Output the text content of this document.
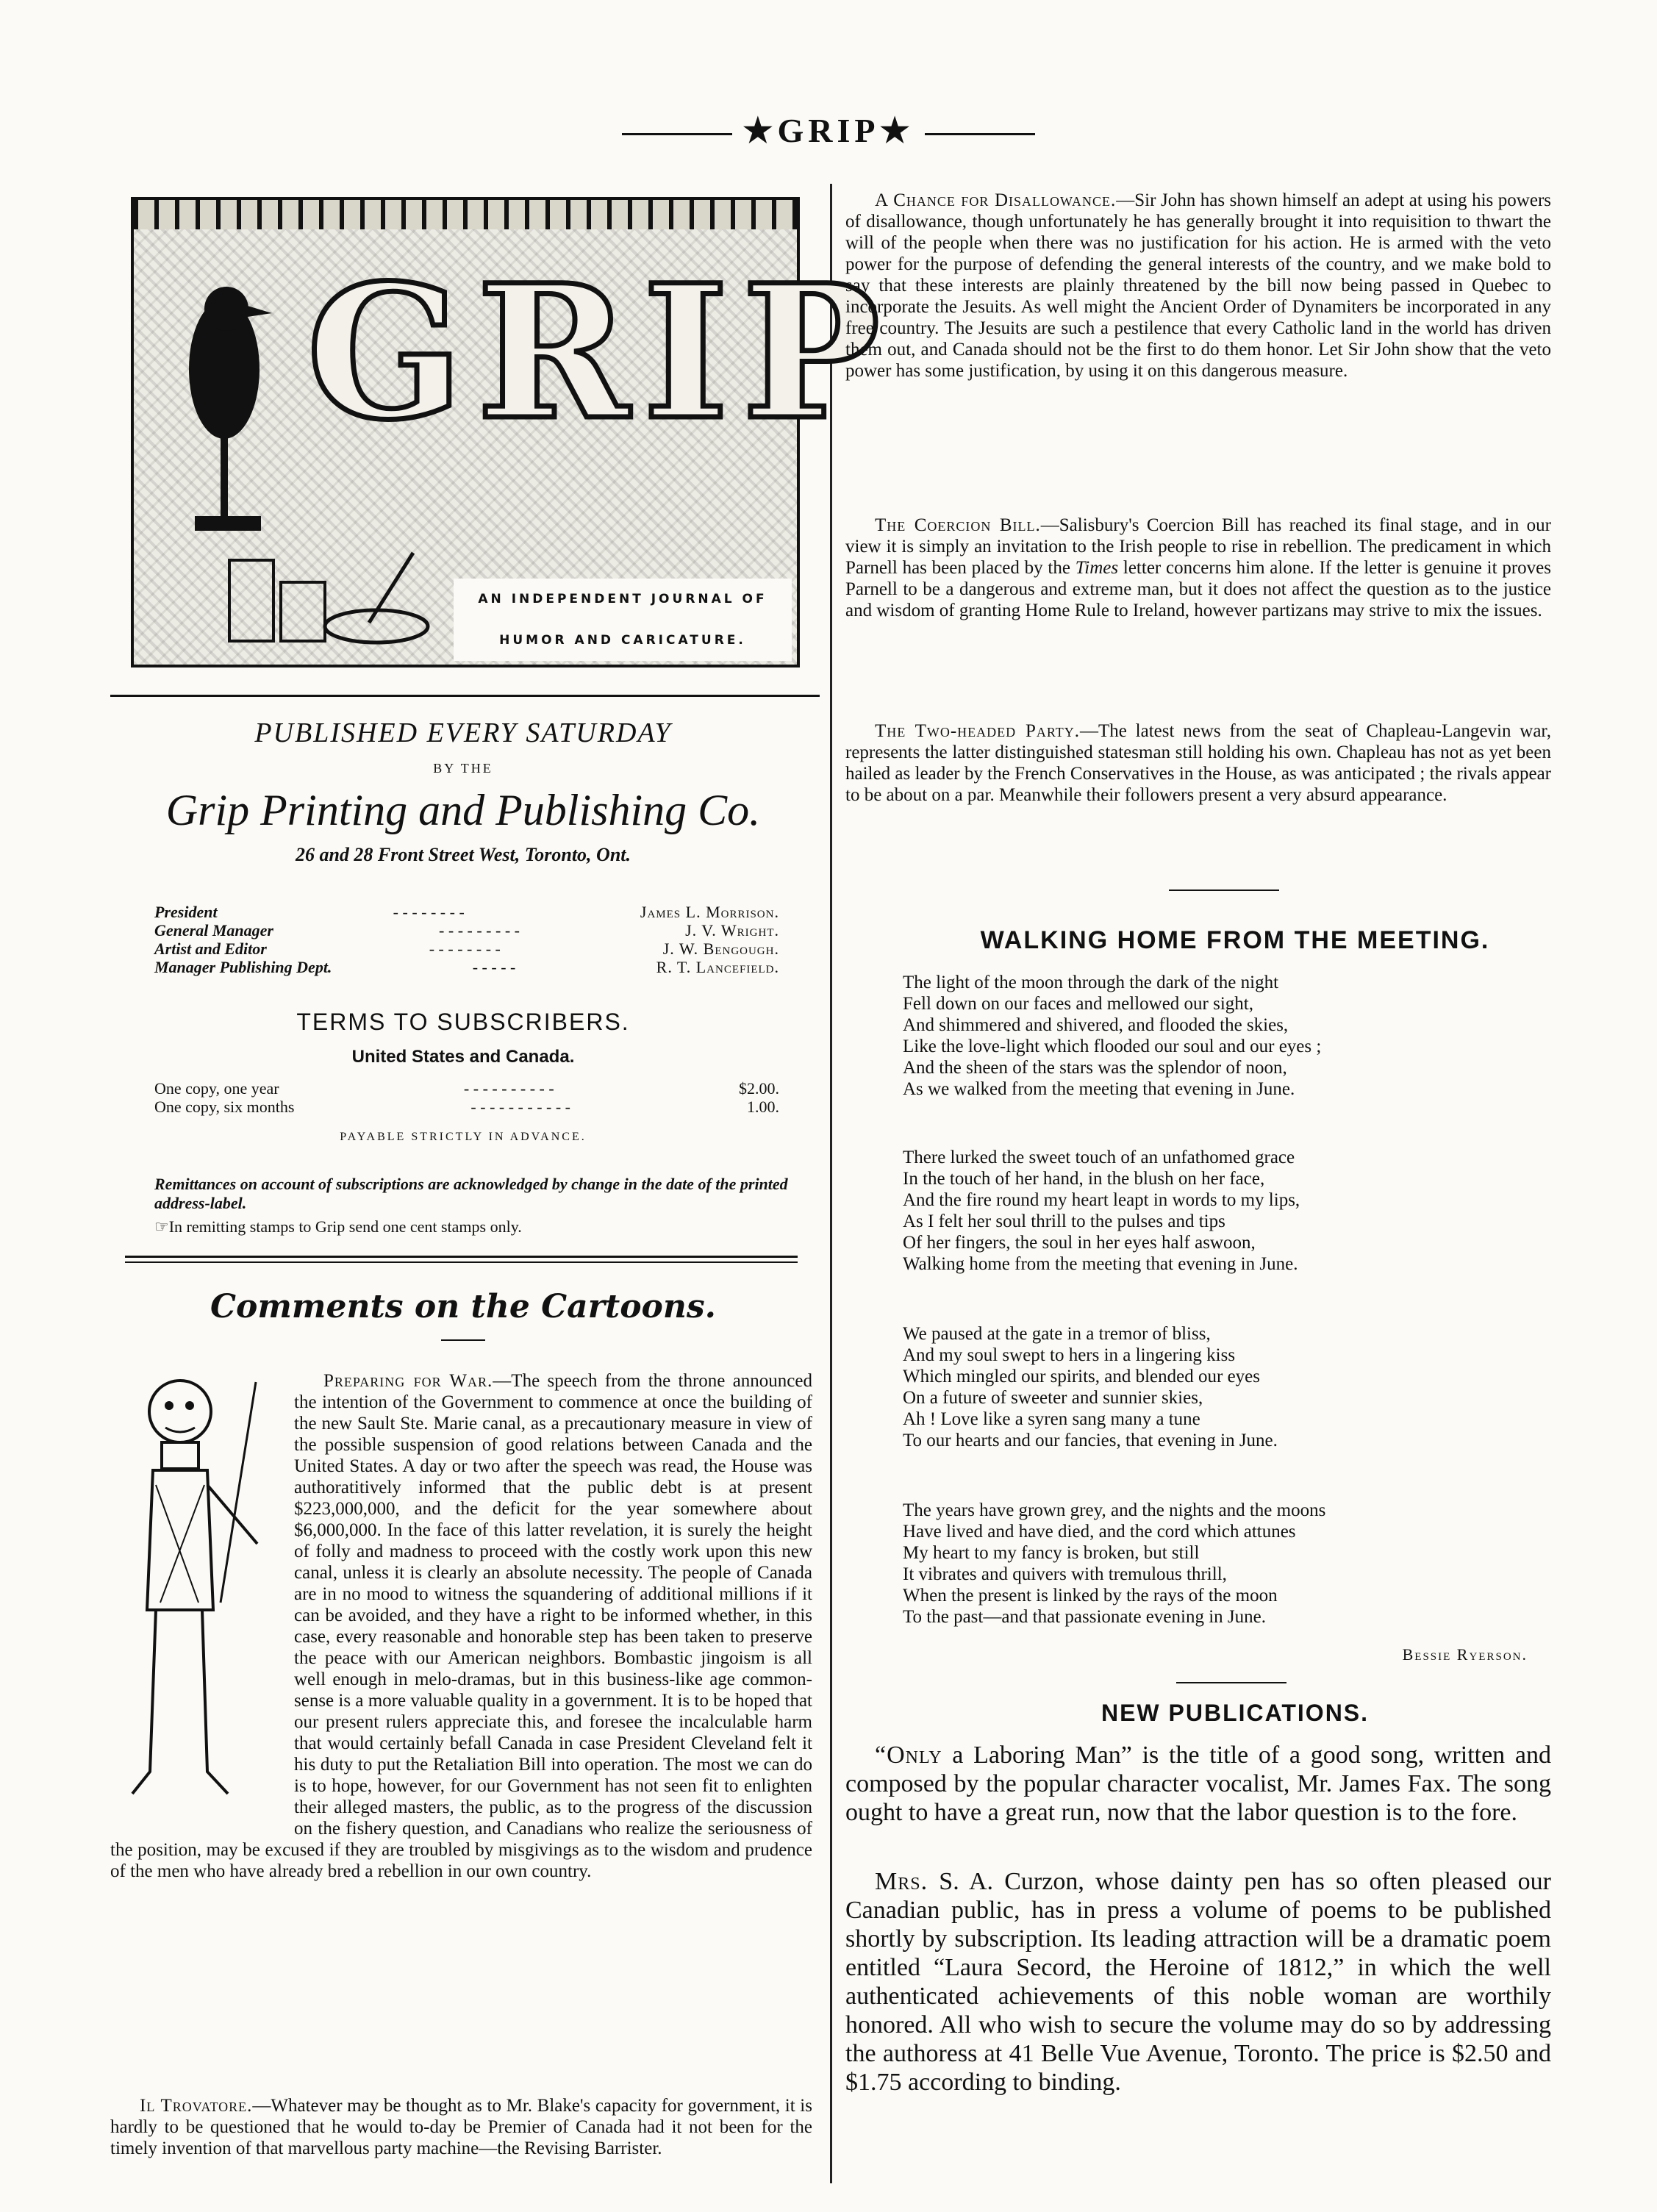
★GRIP★
GRIP
AN INDEPENDENT JOURNAL OF
HUMOR AND CARICATURE.
PUBLISHED EVERY SATURDAY
BY THE
Grip Printing and Publishing Co.
26 and 28 Front Street West, Toronto, Ont.
President	- - - - - - - -	James L. Morrison.
General Manager	- - - - - - - - -	J. V. Wright.
Artist and Editor	- - - - - - - -	J. W. Bengough.
Manager Publishing Dept.	- - - - -	R. T. Lancefield.
TERMS TO SUBSCRIBERS.
United States and Canada.
One copy, one year	- - - - - - - - - -	$2.00.
One copy, six months	- - - - - - - - - - -	1.00.
PAYABLE STRICTLY IN ADVANCE.
Remittances on account of subscriptions are acknowledged by change in the date of the printed address-label.
☞In remitting stamps to Grip send one cent stamps only.
Comments on the Cartoons.
Preparing for War.—The speech from the throne announced the intention of the Government to commence at once the building of the new Sault Ste. Marie canal, as a precautionary measure in view of the possible suspension of good relations between Canada and the United States. A day or two after the speech was read, the House was authoratitively informed that the public debt is at present $223,000,000, and the deficit for the year somewhere about $6,000,000. In the face of this latter revelation, it is surely the height of folly and madness to proceed with the costly work upon this new canal, unless it is clearly an absolute necessity. The people of Canada are in no mood to witness the squandering of additional millions if it can be avoided, and they have a right to be informed whether, in this case, every reasonable and honorable step has been taken to preserve the peace with our American neighbors. Bombastic jingoism is all well enough in melo-dramas, but in this business-like age common-sense is a more valuable quality in a government. It is to be hoped that our present rulers appreciate this, and foresee the incalculable harm that would certainly befall Canada in case President Cleveland felt it his duty to put the Retaliation Bill into operation. The most we can do is to hope, however, for our Government has not seen fit to enlighten their alleged masters, the public, as to the progress of the discussion on the fishery question, and Canadians who realize the seriousness of the position, may be excused if they are troubled by misgivings as to the wisdom and prudence of the men who have already bred a rebellion in our own country.
Il Trovatore.—Whatever may be thought as to Mr. Blake's capacity for government, it is hardly to be questioned that he would to-day be Premier of Canada had it not been for the timely invention of that marvellous party machine—the Revising Barrister.
A Chance for Disallowance.—Sir John has shown himself an adept at using his powers of disallowance, though unfortunately he has generally brought it into requisition to thwart the will of the people when there was no justification for his action. He is armed with the veto power for the purpose of defending the general interests of the country, and we make bold to say that these interests are plainly threatened by the bill now being passed in Quebec to incorporate the Jesuits. As well might the Ancient Order of Dynamiters be incorporated in any free country. The Jesuits are such a pestilence that every Catholic land in the world has driven them out, and Canada should not be the first to do them honor. Let Sir John show that the veto power has some justification, by using it on this dangerous measure.
The Coercion Bill.—Salisbury's Coercion Bill has reached its final stage, and in our view it is simply an invitation to the Irish people to rise in rebellion. The predicament in which Parnell has been placed by the Times letter concerns him alone. If the letter is genuine it proves Parnell to be a dangerous and extreme man, but it does not affect the question as to the justice and wisdom of granting Home Rule to Ireland, however partizans may strive to mix the issues.
The Two-headed Party.—The latest news from the seat of Chapleau-Langevin war, represents the latter distinguished statesman still holding his own. Chapleau has not as yet been hailed as leader by the French Conservatives in the House, as was anticipated ; the rivals appear to be about on a par. Meanwhile their followers present a very absurd appearance.
WALKING HOME FROM THE MEETING.
The light of the moon through the dark of the night
Fell down on our faces and mellowed our sight,
And shimmered and shivered, and flooded the skies,
Like the love-light which flooded our soul and our eyes ;
And the sheen of the stars was the splendor of noon,
As we walked from the meeting that evening in June.
There lurked the sweet touch of an unfathomed grace
In the touch of her hand, in the blush on her face,
And the fire round my heart leapt in words to my lips,
As I felt her soul thrill to the pulses and tips
Of her fingers, the soul in her eyes half aswoon,
Walking home from the meeting that evening in June.
We paused at the gate in a tremor of bliss,
And my soul swept to hers in a lingering kiss
Which mingled our spirits, and blended our eyes
On a future of sweeter and sunnier skies,
Ah ! Love like a syren sang many a tune
To our hearts and our fancies, that evening in June.
The years have grown grey, and the nights and the moons
Have lived and have died, and the cord which attunes
My heart to my fancy is broken, but still
It vibrates and quivers with tremulous thrill,
When the present is linked by the rays of the moon
To the past—and that passionate evening in June.
Bessie Ryerson.
NEW PUBLICATIONS.
“Only a Laboring Man” is the title of a good song, written and composed by the popular character vocalist, Mr. James Fax. The song ought to have a great run, now that the labor question is to the fore.
Mrs. S. A. Curzon, whose dainty pen has so often pleased our Canadian public, has in press a volume of poems to be published shortly by subscription. Its leading attraction will be a dramatic poem entitled “Laura Secord, the Heroine of 1812,” in which the well authenticated achievements of this noble woman are worthily honored. All who wish to secure the volume may do so by addressing the authoress at 41 Belle Vue Avenue, Toronto. The price is $2.50 and $1.75 according to binding.
